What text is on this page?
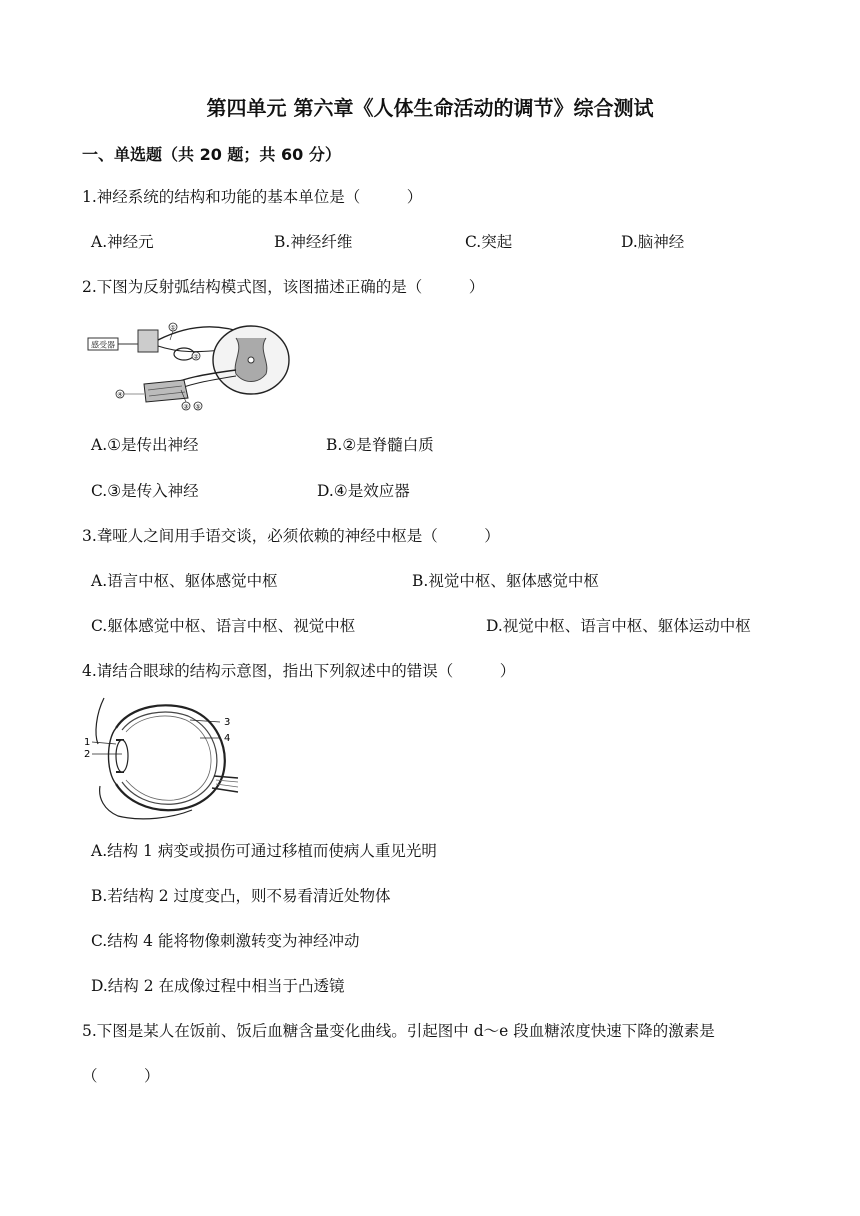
第四单元 第六章《人体生命活动的调节》综合测试
一、单选题（共 20 题；共 60 分）
1.神经系统的结构和功能的基本单位是（　　　）
A.神经元	B.神经纤维	C.突起	D.脑神经
2.下图为反射弧结构模式图，该图描述正确的是（　　　）
感受器
①
②
③
④
⑤
A.①是传出神经	B.②是脊髓白质
C.③是传入神经	D.④是效应器
3.聋哑人之间用手语交谈，必须依赖的神经中枢是（　　　）
A.语言中枢、躯体感觉中枢	B.视觉中枢、躯体感觉中枢
C.躯体感觉中枢、语言中枢、视觉中枢	D.视觉中枢、语言中枢、躯体运动中枢
4.请结合眼球的结构示意图，指出下列叙述中的错误（　　　）
1
2
3
4
A.结构 1 病变或损伤可通过移植而使病人重见光明
B.若结构 2 过度变凸，则不易看清近处物体
C.结构 4 能将物像刺激转变为神经冲动
D.结构 2 在成像过程中相当于凸透镜
5.下图是某人在饭前、饭后血糖含量变化曲线。引起图中 d～e 段血糖浓度快速下降的激素是
（　　　）
